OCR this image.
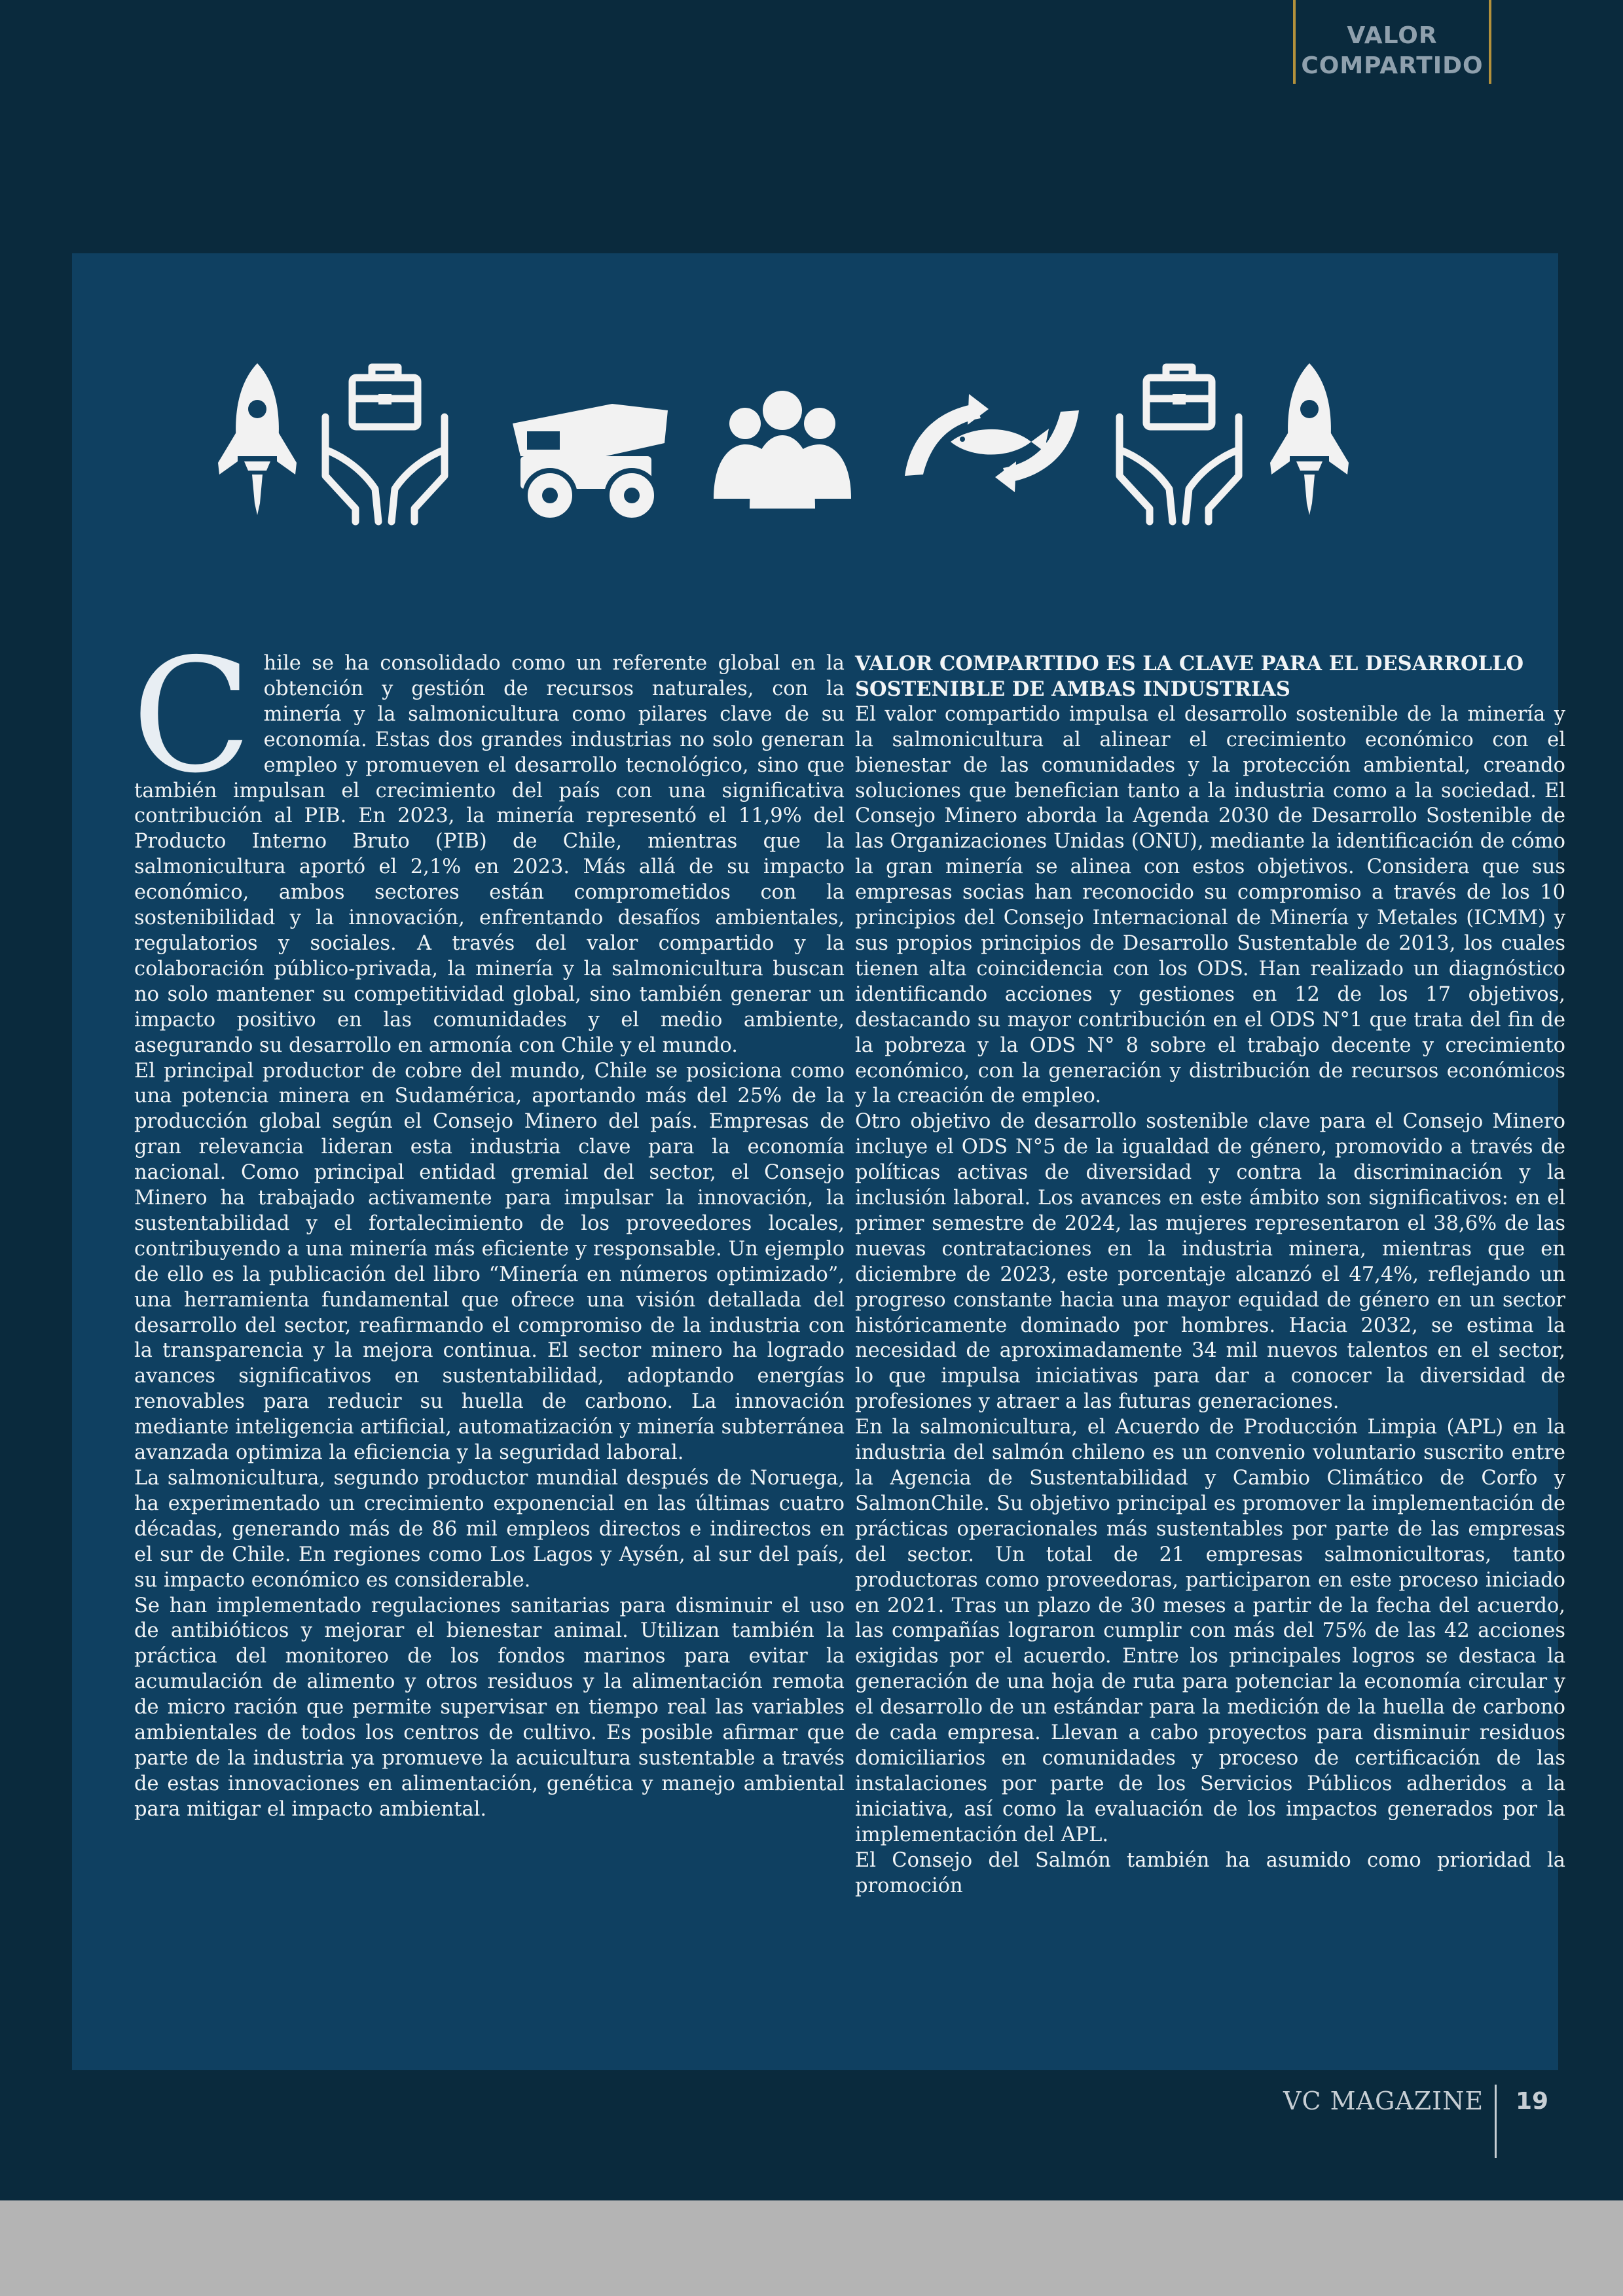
VALOR
COMPARTIDO

Chile se ha consolidado como un referente global en la obtención y gestión de recursos naturales, con la minería y la salmonicultura como pilares clave de su economía. Estas dos grandes industrias no solo generan empleo y promueven el desarrollo tecnológico, sino que también impulsan el crecimiento del país con una significativa contribución al PIB. En 2023, la minería representó el 11,9% del Producto Interno Bruto (PIB) de Chile, mientras que la salmonicultura aportó el 2,1% en 2023. Más allá de su impacto económico, ambos sectores están comprometidos con la sostenibilidad y la innovación, enfrentando desafíos ambientales, regulatorios y sociales. A través del valor compartido y la colaboración público-privada, la minería y la salmonicultura buscan no solo mantener su competitividad global, sino también generar un impacto positivo en las comunidades y el medio ambiente, asegurando su desarrollo en armonía con Chile y el mundo.

El principal productor de cobre del mundo, Chile se posiciona como una potencia minera en Sudamérica, aportando más del 25% de la producción global según el Consejo Minero del país. Empresas de gran relevancia lideran esta industria clave para la economía nacional. Como principal entidad gremial del sector, el Consejo Minero ha trabajado activamente para impulsar la innovación, la sustentabilidad y el fortalecimiento de los proveedores locales, contribuyendo a una minería más eficiente y responsable. Un ejemplo de ello es la publicación del libro “Minería en números optimizado”, una herramienta fundamental que ofrece una visión detallada del desarrollo del sector, reafirmando el compromiso de la industria con la transparencia y la mejora continua. El sector minero ha logrado avances significativos en sustentabilidad, adoptando energías renovables para reducir su huella de carbono. La innovación mediante inteligencia artificial, automatización y minería subterránea avanzada optimiza la eficiencia y la seguridad laboral.

La salmonicultura, segundo productor mundial después de Noruega, ha experimentado un crecimiento exponencial en las últimas cuatro décadas, generando más de 86 mil empleos directos e indirectos en el sur de Chile. En regiones como Los Lagos y Aysén, al sur del país, su impacto económico es considerable.

Se han implementado regulaciones sanitarias para disminuir el uso de antibióticos y mejorar el bienestar animal. Utilizan también la práctica del monitoreo de los fondos marinos para evitar la acumulación de alimento y otros residuos y la alimentación remota de micro ración que permite supervisar en tiempo real las variables ambientales de todos los centros de cultivo. Es posible afirmar que parte de la industria ya promueve la acuicultura sustentable a través de estas innovaciones en alimentación, genética y manejo ambiental para mitigar el impacto ambiental.

VALOR COMPARTIDO ES LA CLAVE PARA EL DESARROLLO SOSTENIBLE DE AMBAS INDUSTRIAS

El valor compartido impulsa el desarrollo sostenible de la minería y la salmonicultura al alinear el crecimiento económico con el bienestar de las comunidades y la protección ambiental, creando soluciones que benefician tanto a la industria como a la sociedad. El Consejo Minero aborda la Agenda 2030 de Desarrollo Sostenible de las Organizaciones Unidas (ONU), mediante la identificación de cómo la gran minería se alinea con estos objetivos. Considera que sus empresas socias han reconocido su compromiso a través de los 10 principios del Consejo Internacional de Minería y Metales (ICMM) y sus propios principios de Desarrollo Sustentable de 2013, los cuales tienen alta coincidencia con los ODS. Han realizado un diagnóstico identificando acciones y gestiones en 12 de los 17 objetivos, destacando su mayor contribución en el ODS N°1 que trata del fin de la pobreza y la ODS N° 8 sobre el trabajo decente y crecimiento económico, con la generación y distribución de recursos económicos y la creación de empleo.

Otro objetivo de desarrollo sostenible clave para el Consejo Minero incluye el ODS N°5 de la igualdad de género, promovido a través de políticas activas de diversidad y contra la discriminación y la inclusión laboral. Los avances en este ámbito son significativos: en el primer semestre de 2024, las mujeres representaron el 38,6% de las nuevas contrataciones en la industria minera, mientras que en diciembre de 2023, este porcentaje alcanzó el 47,4%, reflejando un progreso constante hacia una mayor equidad de género en un sector históricamente dominado por hombres. Hacia 2032, se estima la necesidad de aproximadamente 34 mil nuevos talentos en el sector, lo que impulsa iniciativas para dar a conocer la diversidad de profesiones y atraer a las futuras generaciones.

En la salmonicultura, el Acuerdo de Producción Limpia (APL) en la industria del salmón chileno es un convenio voluntario suscrito entre la Agencia de Sustentabilidad y Cambio Climático de Corfo y SalmonChile. Su objetivo principal es promover la implementación de prácticas operacionales más sustentables por parte de las empresas del sector. Un total de 21 empresas salmonicultoras, tanto productoras como proveedoras, participaron en este proceso iniciado en 2021. Tras un plazo de 30 meses a partir de la fecha del acuerdo, las compañías lograron cumplir con más del 75% de las 42 acciones exigidas por el acuerdo. Entre los principales logros se destaca la generación de una hoja de ruta para potenciar la economía circular y el desarrollo de un estándar para la medición de la huella de carbono de cada empresa. Llevan a cabo proyectos para disminuir residuos domiciliarios en comunidades y proceso de certificación de las instalaciones por parte de los Servicios Públicos adheridos a la iniciativa, así como la evaluación de los impactos generados por la implementación del APL.

El Consejo del Salmón también ha asumido como prioridad la promoción

VC MAGAZINE 19
